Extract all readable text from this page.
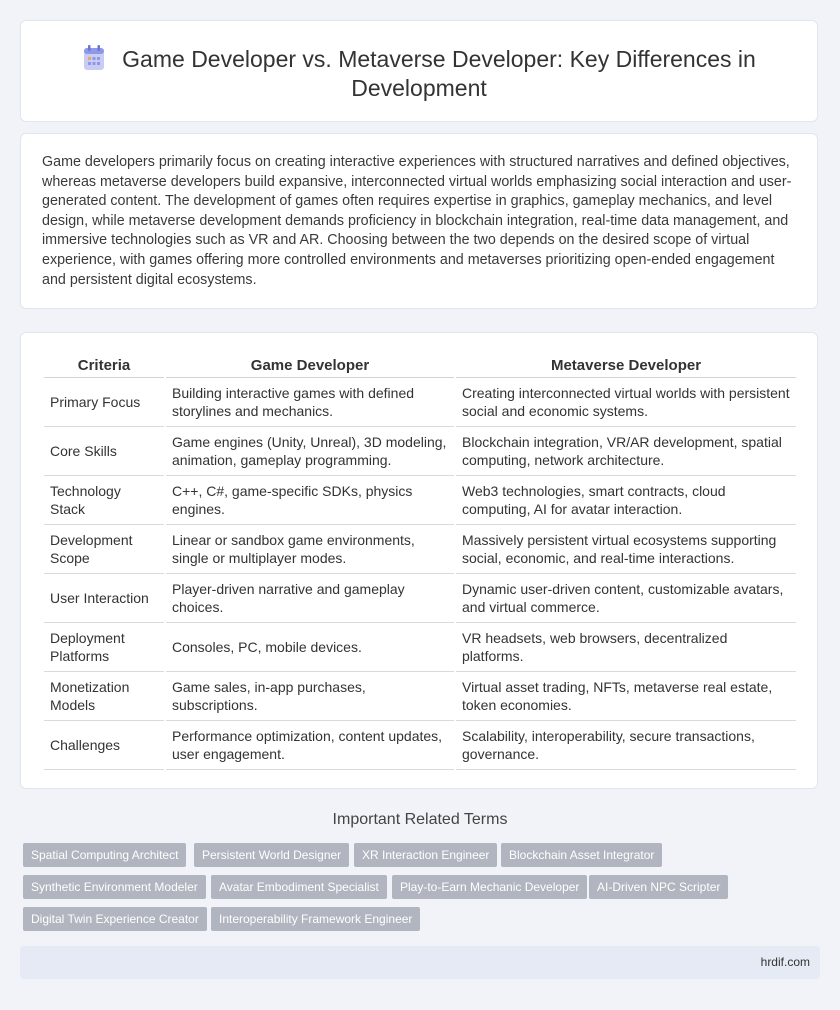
Game Developer vs. Metaverse Developer: Key Differences in Development

Game developers primarily focus on creating interactive experiences with structured narratives and defined objectives, whereas metaverse developers build expansive, interconnected virtual worlds emphasizing social interaction and user-generated content. The development of games often requires expertise in graphics, gameplay mechanics, and level design, while metaverse development demands proficiency in blockchain integration, real-time data management, and immersive technologies such as VR and AR. Choosing between the two depends on the desired scope of virtual experience, with games offering more controlled environments and metaverses prioritizing open-ended engagement and persistent digital ecosystems.

Criteria	Game Developer	Metaverse Developer
Primary Focus	Building interactive games with defined storylines and mechanics.	Creating interconnected virtual worlds with persistent social and economic systems.
Core Skills	Game engines (Unity, Unreal), 3D modeling, animation, gameplay programming.	Blockchain integration, VR/AR development, spatial computing, network architecture.
Technology Stack	C++, C#, game-specific SDKs, physics engines.	Web3 technologies, smart contracts, cloud computing, AI for avatar interaction.
Development Scope	Linear or sandbox game environments, single or multiplayer modes.	Massively persistent virtual ecosystems supporting social, economic, and real-time interactions.
User Interaction	Player-driven narrative and gameplay choices.	Dynamic user-driven content, customizable avatars, and virtual commerce.
Deployment Platforms	Consoles, PC, mobile devices.	VR headsets, web browsers, decentralized platforms.
Monetization Models	Game sales, in-app purchases, subscriptions.	Virtual asset trading, NFTs, metaverse real estate, token economies.
Challenges	Performance optimization, content updates, user engagement.	Scalability, interoperability, secure transactions, governance.
Important Related Terms
Spatial Computing Architect	Persistent World Designer	XR Interaction Engineer	Blockchain Asset Integrator
Synthetic Environment Modeler	Avatar Embodiment Specialist	Play-to-Earn Mechanic Developer	AI-Driven NPC Scripter
Digital Twin Experience Creator	Interoperability Framework Engineer
hrdif.com
